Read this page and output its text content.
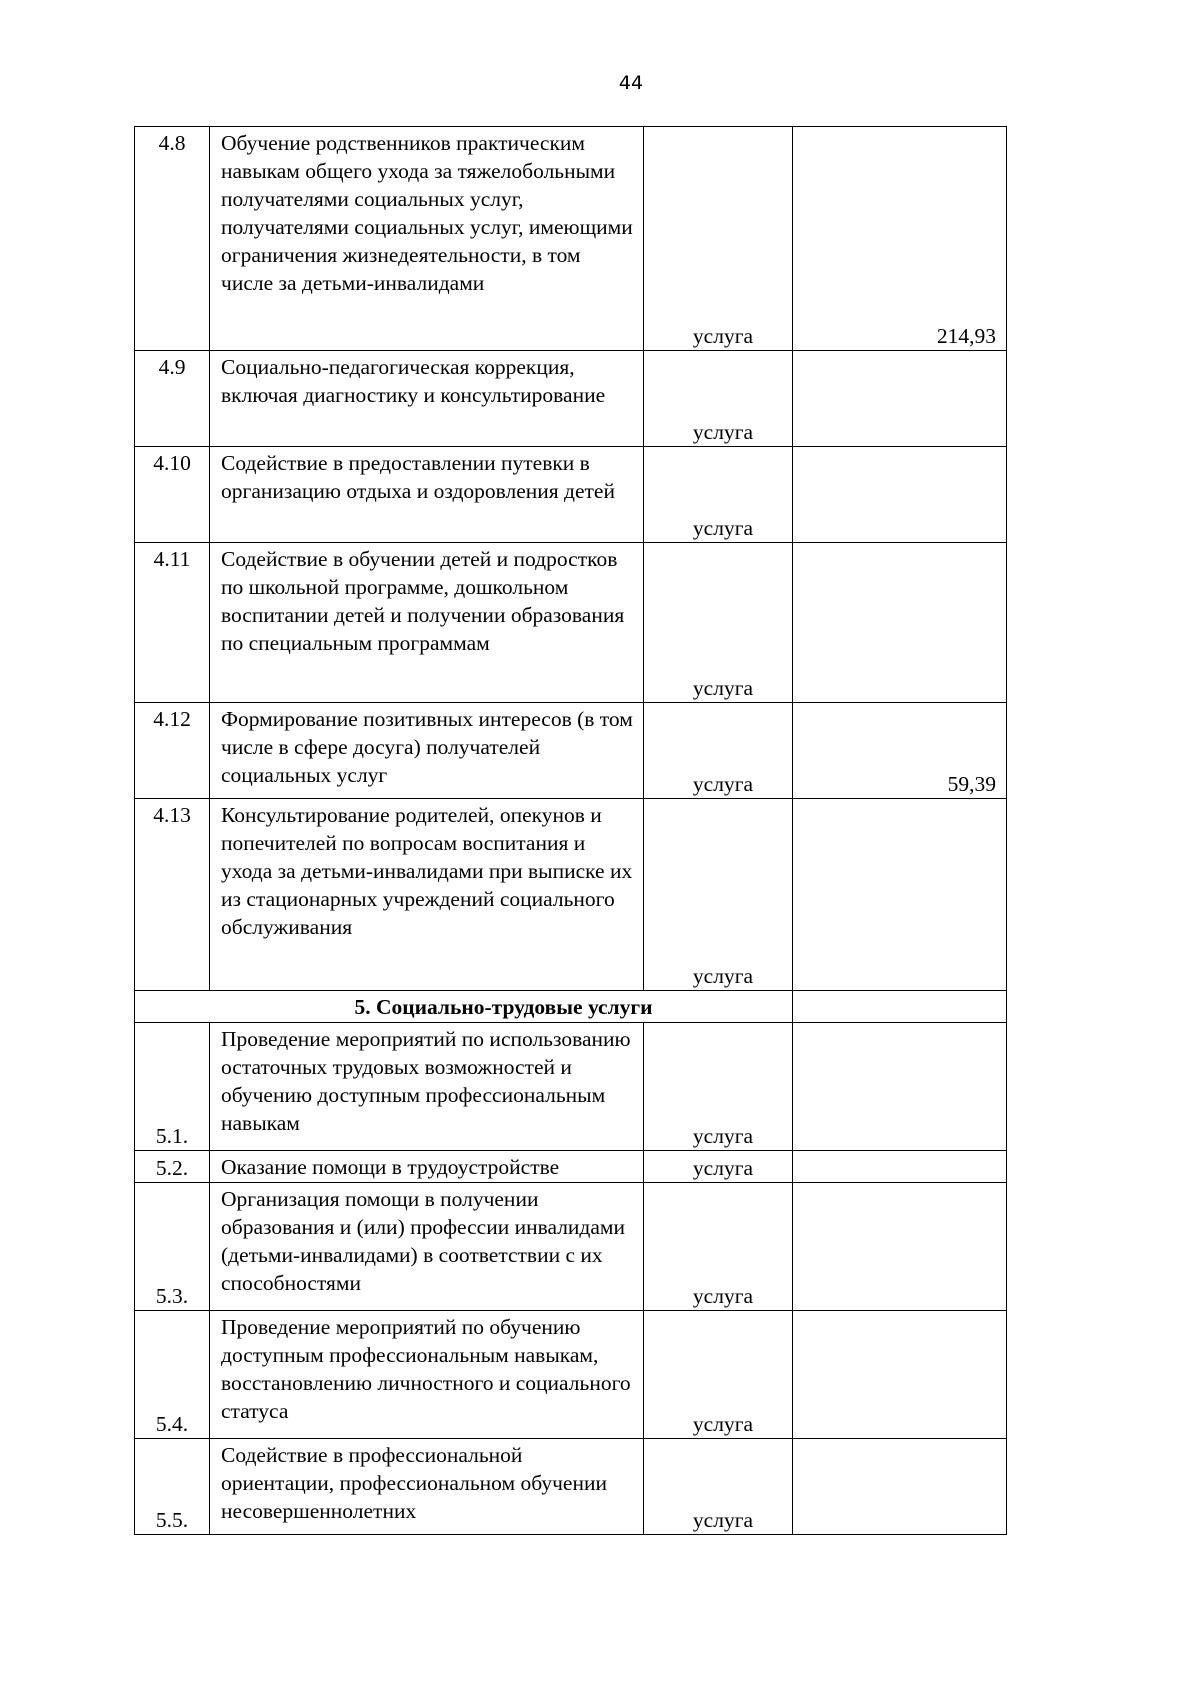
44
4.8	Обучение родственников практическим навыкам общего ухода за тяжелобольными получателями социальных услуг, получателями социальных услуг, имеющими ограничения жизнедеятельности, в том числе за детьми-инвалидами	услуга	214,93
4.9	Социально-педагогическая коррекция, включая диагностику и консультирование	услуга	
4.10	Содействие в предоставлении путевки в организацию отдыха и оздоровления детей	услуга	
4.11	Содействие в обучении детей и подростков по школьной программе, дошкольном воспитании детей и получении образования по специальным программам	услуга	
4.12	Формирование позитивных интересов (в том числе в сфере досуга) получателей социальных услуг	услуга	59,39
4.13	Консультирование родителей, опекунов и попечителей по вопросам воспитания и ухода за детьми-инвалидами при выписке их из стационарных учреждений социального обслуживания	услуга	
5. Социально-трудовые услуги			
5.1.	Проведение мероприятий по использованию остаточных трудовых возможностей и обучению доступным профессиональным навыкам	услуга	
5.2.	Оказание помощи в трудоустройстве	услуга	
5.3.	Организация помощи в получении образования и (или) профессии инвалидами (детьми-инвалидами) в соответствии с их способностями	услуга	
5.4.	Проведение мероприятий по обучению доступным профессиональным навыкам, восстановлению личностного и социального статуса	услуга	
5.5.	Содействие в профессиональной ориентации, профессиональном обучении несовершеннолетних	услуга	
